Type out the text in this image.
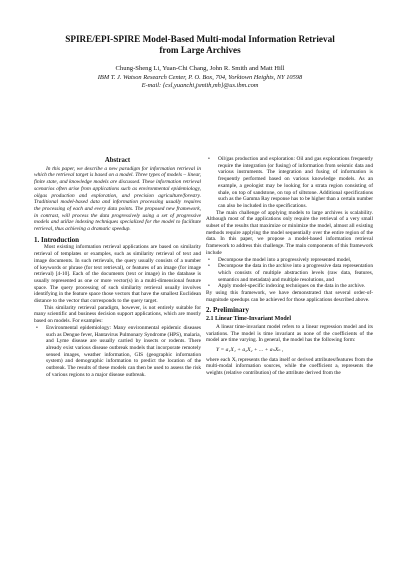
SPIRE/EPI-SPIRE Model-Based Multi-modal Information Retrieval
from Large Archives
Chung-Sheng Li, Yuan-Chi Chang, John R. Smith and Matt Hill
IBM T. J. Watson Research Center, P. O. Box, 704, Yorktown Heights, NY 10598
E-mail: {csl,yuanchi,jsmith,mh}@us.ibm.com
Abstract

In this paper, we describe a new paradigm for information retrieval in which the retrieval target is based on a model. Three types of models – linear, finite state, and knowledge models are discussed. These information retrieval scenarios often arise from applications such as environmental epidemiology, oilgas production and exploration, and precision agriculture/forestry. Traditional model-based data and information processing usually requires the processing of each and every data points. The proposed new framework, in contrast, will process the data progressively using a set of progressive models and utilize indexing techniques specialized for the model to facilitate retrieval, thus achieving a dramatic speedup.

1. Introduction

Most existing information retrieval applications are based on similarity retrieval of templates or examples, such as similarity retrieval of text and image documents. In such retrievals, the query usually consists of a number of keywords or phrase (for text retrieval), or features of an image (for image retrieval) [4-10]. Each of the documents (text or image) in the database is usually represented as one or more vector(s) in a multi-dimensional feature space. The query processing of such similarity retrieval usually involves identifying in the feature space those vectors that have the smallest Euclidean distance to the vector that corresponds to the query target.

This similarity retrieval paradigm, however, is not entirely suitable for many scientific and business decision support applications, which are mostly based on models. For examples:

• Environmental epidemiology: Many environmental epidemic diseases such as Dengue fever, Hantavirus Pulmonary Syndrome (HPS), malaria, and Lyme disease are usually carried by insects or rodents. There already exist various disease outbreak models that incorporate remotely sensed images, weather information, GIS (geographic information system) and demographic information to predict the location of the outbreak. The results of these models can then be used to assess the risk of various regions to a major disease outbreak.
• Oil/gas production and exploration: Oil and gas explorations frequently require the integration (or fusing) of information from seismic data and various instruments. The integration and fusing of information is frequently performed based on various knowledge models. As an example, a geologist may be looking for a strata region consisting of shale, on top of sandstone, on top of siltstone. Additional specifications such as the Gamma Ray response has to be higher than a certain number can also be included in the specifications.

The main challenge of applying models to large archives is scalability. Although most of the applications only require the retrieval of a very small subset of the results that maximize or minimize the model, almost all existing methods require applying the model sequentially over the entire region of the data. In this paper, we propose a model-based information retrieval framework to address this challenge. The main components of this framework include

• Decompose the model into a progressively represented model,
• Decompose the data in the archive into a progressive data representation which consists of multiple abstraction levels (raw data, features, semantics and metadata) and multiple resolutions, and
• Apply model-specific indexing techniques on the data in the archive.

By using this framework, we have demonstrated that several order-of-magnitude speedups can be achieved for those applications described above.

2. Preliminary
2.1 Linear Time-Invariant Model

A linear time-invariant model refers to a linear regression model and its variations. The model is time invariant as none of the coefficients of the model are time varying. In general, the model has the following form:

Y = a₁X₁ + a₂X₂ + ... + aₙXₙ ,

where each Xᵢ represents the data itself or derived attributes/features from the multi-modal information sources, while the coefficient aᵢ represents the weights (relative contribution) of the attribute derived from the
